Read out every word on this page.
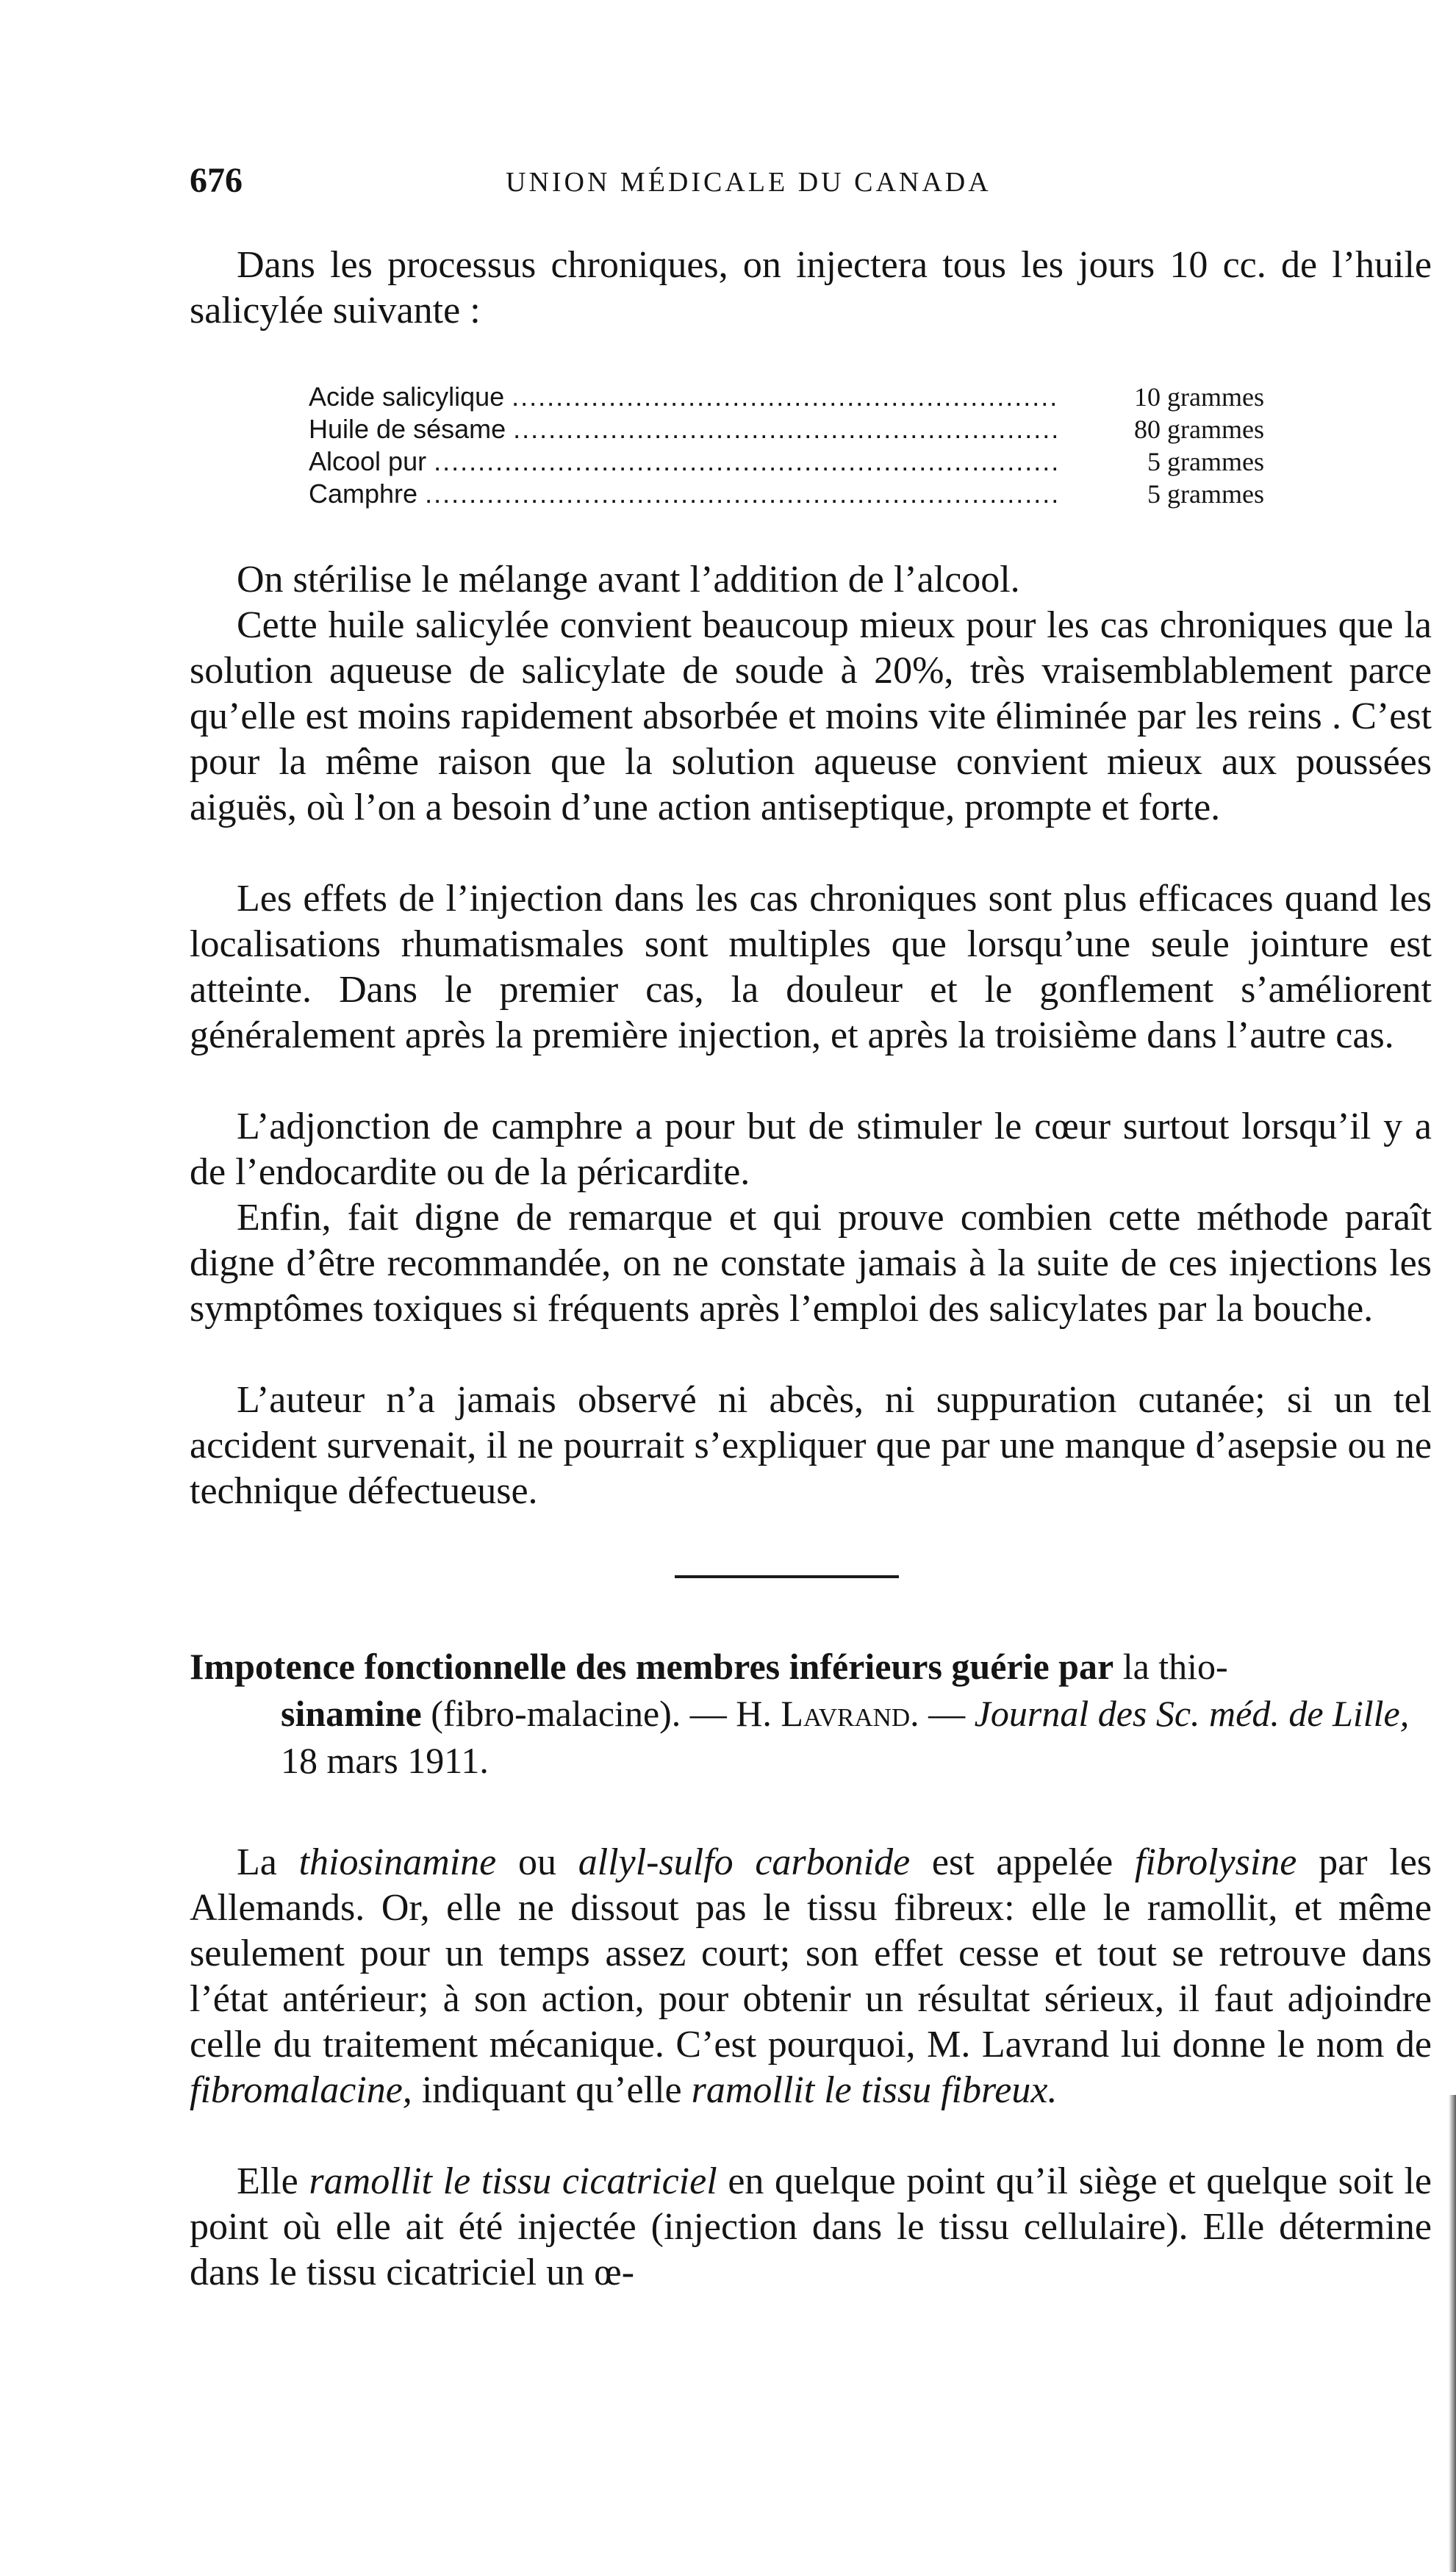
676	UNION MÉDICALE DU CANADA

Dans les processus chroniques, on injectera tous les jours 10 cc. de l’huile salicylée suivante :

Acide salicylique .....	10 grammes
Huile de sésame .....	80 grammes
Alcool pur .....	5 grammes
Camphre .....	5 grammes

On stérilise le mélange avant l’addition de l’alcool.

Cette huile salicylée convient beaucoup mieux pour les cas chroniques que la solution aqueuse de salicylate de soude à 20%, très vraisemblablement parce qu’elle est moins rapidement absorbée et moins vite éliminée par les reins . C’est pour la même raison que la solution aqueuse convient mieux aux poussées aiguës, où l’on a besoin d’une action antiseptique, prompte et forte.

Les effets de l’injection dans les cas chroniques sont plus efficaces quand les localisations rhumatismales sont multiples que lorsqu’une seule jointure est atteinte. Dans le premier cas, la douleur et le gonflement s’améliorent généralement après la première injection, et après la troisième dans l’autre cas.

L’adjonction de camphre a pour but de stimuler le cœur surtout lorsqu’il y a de l’endocardite ou de la péricardite.

Enfin, fait digne de remarque et qui prouve combien cette méthode paraît digne d’être recommandée, on ne constate jamais à la suite de ces injections les symptômes toxiques si fréquents après l’emploi des salicylates par la bouche.

L’auteur n’a jamais observé ni abcès, ni suppuration cutanée; si un tel accident survenait, il ne pourrait s’expliquer que par une manque d’asepsie ou ne technique défectueuse.

Impotence fonctionnelle des membres inférieurs guérie par la thio-
sinamine (fibro-malacine). — H. Lavrand. — Journal des Sc. méd. de Lille, 18 mars 1911.

La thiosinamine ou allyl-sulfo carbonide est appelée fibrolysine par les Allemands. Or, elle ne dissout pas le tissu fibreux: elle le ramollit, et même seulement pour un temps assez court; son effet cesse et tout se retrouve dans l’état antérieur; à son action, pour obtenir un résultat sérieux, il faut adjoindre celle du traitement mécanique. C’est pourquoi, M. Lavrand lui donne le nom de fibromalacine, indiquant qu’elle ramollit le tissu fibreux.

Elle ramollit le tissu cicatriciel en quelque point qu’il siège et quelque soit le point où elle ait été injectée (injection dans le tissu cellulaire). Elle détermine dans le tissu cicatriciel un œ-
